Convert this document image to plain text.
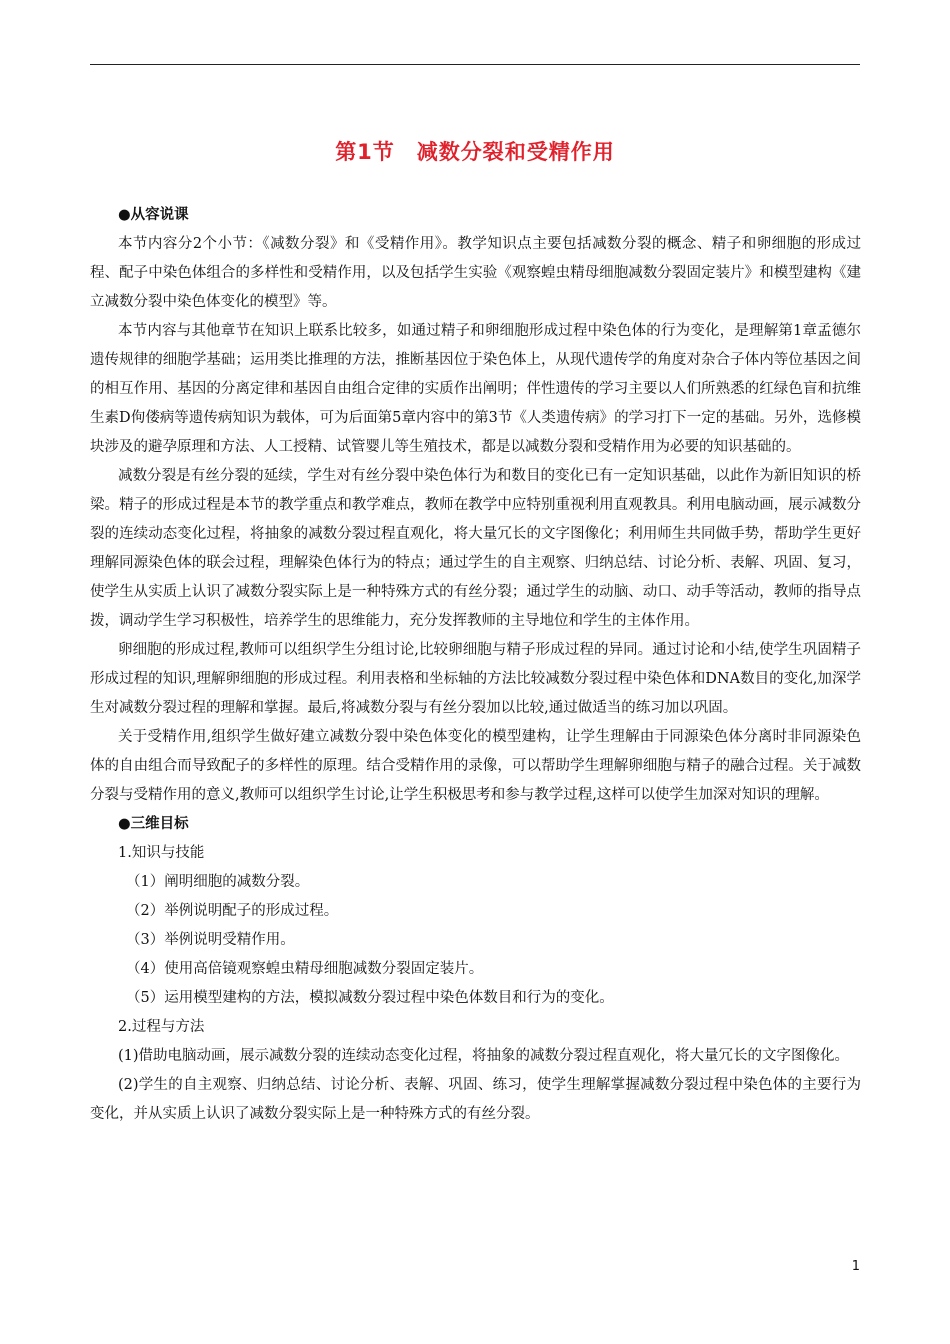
第1节　减数分裂和受精作用

●从容说课

本节内容分2个小节：《减数分裂》和《受精作用》。教学知识点主要包括减数分裂的概念、精子和卵细胞的形成过程、配子中染色体组合的多样性和受精作用，以及包括学生实验《观察蝗虫精母细胞减数分裂固定装片》和模型建构《建立减数分裂中染色体变化的模型》等。

本节内容与其他章节在知识上联系比较多，如通过精子和卵细胞形成过程中染色体的行为变化，是理解第1章孟德尔遗传规律的细胞学基础；运用类比推理的方法，推断基因位于染色体上，从现代遗传学的角度对杂合子体内等位基因之间的相互作用、基因的分离定律和基因自由组合定律的实质作出阐明；伴性遗传的学习主要以人们所熟悉的红绿色盲和抗维生素D佝偻病等遗传病知识为载体，可为后面第5章内容中的第3节《人类遗传病》的学习打下一定的基础。另外，选修模块涉及的避孕原理和方法、人工授精、试管婴儿等生殖技术，都是以减数分裂和受精作用为必要的知识基础的。

减数分裂是有丝分裂的延续，学生对有丝分裂中染色体行为和数目的变化已有一定知识基础，以此作为新旧知识的桥梁。精子的形成过程是本节的教学重点和教学难点，教师在教学中应特别重视利用直观教具。利用电脑动画，展示减数分裂的连续动态变化过程，将抽象的减数分裂过程直观化，将大量冗长的文字图像化；利用师生共同做手势，帮助学生更好理解同源染色体的联会过程，理解染色体行为的特点；通过学生的自主观察、归纳总结、讨论分析、表解、巩固、复习，使学生从实质上认识了减数分裂实际上是一种特殊方式的有丝分裂；通过学生的动脑、动口、动手等活动，教师的指导点拨，调动学生学习积极性，培养学生的思维能力，充分发挥教师的主导地位和学生的主体作用。

卵细胞的形成过程,教师可以组织学生分组讨论,比较卵细胞与精子形成过程的异同。通过讨论和小结,使学生巩固精子形成过程的知识,理解卵细胞的形成过程。利用表格和坐标轴的方法比较减数分裂过程中染色体和DNA数目的变化,加深学生对减数分裂过程的理解和掌握。最后,将减数分裂与有丝分裂加以比较,通过做适当的练习加以巩固。

关于受精作用,组织学生做好建立减数分裂中染色体变化的模型建构，让学生理解由于同源染色体分离时非同源染色体的自由组合而导致配子的多样性的原理。结合受精作用的录像，可以帮助学生理解卵细胞与精子的融合过程。关于减数分裂与受精作用的意义,教师可以组织学生讨论,让学生积极思考和参与教学过程,这样可以使学生加深对知识的理解。

●三维目标

1.知识与技能

（1）阐明细胞的减数分裂。

（2）举例说明配子的形成过程。

（3）举例说明受精作用。

（4）使用高倍镜观察蝗虫精母细胞减数分裂固定装片。

（5）运用模型建构的方法，模拟减数分裂过程中染色体数目和行为的变化。

2.过程与方法

(1)借助电脑动画，展示减数分裂的连续动态变化过程，将抽象的减数分裂过程直观化，将大量冗长的文字图像化。

(2)学生的自主观察、归纳总结、讨论分析、表解、巩固、练习，使学生理解掌握减数分裂过程中染色体的主要行为变化，并从实质上认识了减数分裂实际上是一种特殊方式的有丝分裂。

1
